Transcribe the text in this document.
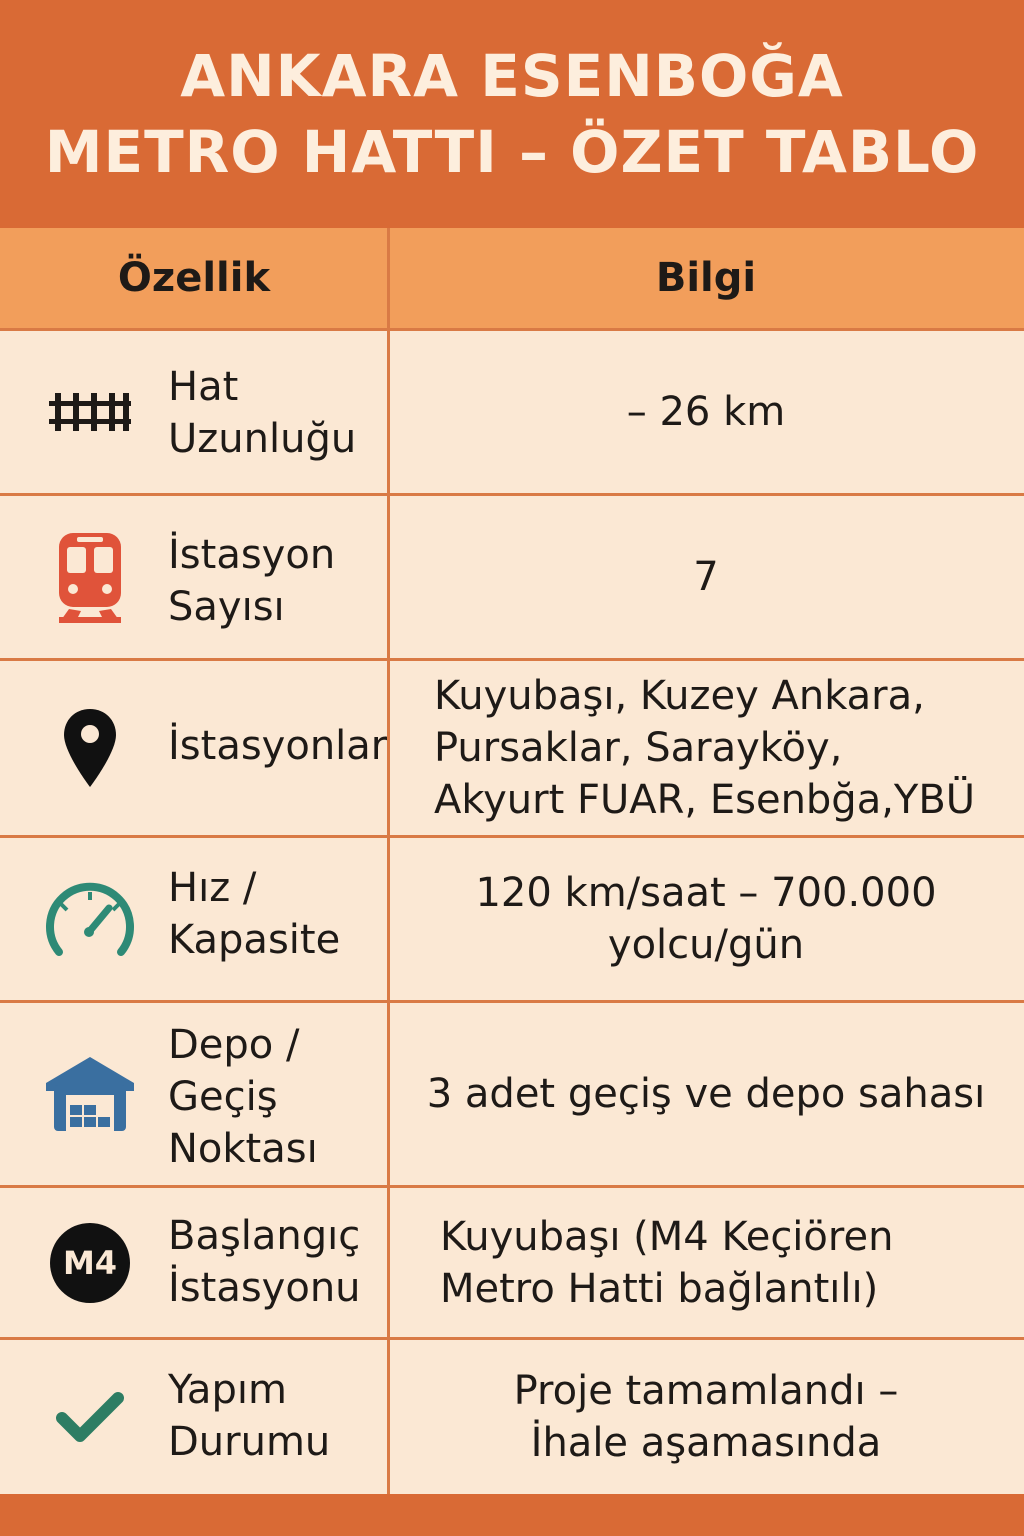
ANKARA ESENBOĞA
METRO HATTI – ÖZET TABLO
Özellik	Bilgi
Hat
Uzunluğu
– 26 km
İstasyon
Sayısı
7
İstasyonlar
Kuyubaşı, Kuzey Ankara,
Pursaklar, Sarayköy,
Akyurt FUAR, Esenbğa,YBÜ
Hız /
Kapasite
120 km/saat – 700.000
yolcu/gün
Depo /
Geçiş
Noktası
3 adet geçiş ve depo sahası
M4
Başlangıç
İstasyonu
Kuyubaşı (M4 Keçiören
Metro Hatti bağlantılı)
Yapım
Durumu
Proje tamamlandı –
İhale aşamasında
